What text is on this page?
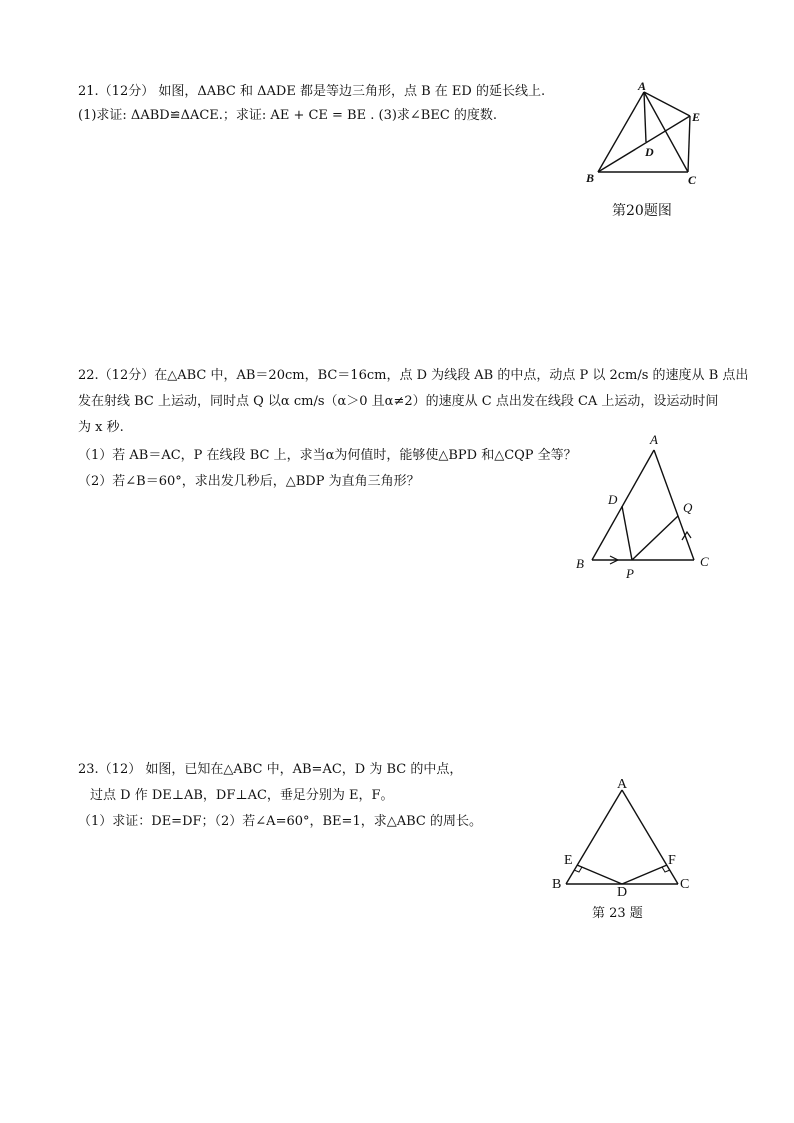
21.（12分） 如图，ΔABC 和 ΔADE 都是等边三角形，点 B 在 ED 的延长线上.
(1)求证: ΔABD≌ΔACE.；求证: AE + CE = BE . (3)求∠BEC 的度数.
A
B	C
D
E
第20题图
22.（12分）在△ABC 中，AB＝20cm，BC＝16cm，点 D 为线段 AB 的中点，动点 P 以 2cm/s 的速度从 B 点出
发在射线 BC 上运动，同时点 Q 以α cm/s（α＞0 且α≠2）的速度从 C 点出发在线段 CA 上运动，设运动时间
为 x 秒.
（1）若 AB＝AC，P 在线段 BC 上，求当α为何值时，能够使△BPD 和△CQP 全等？
（2）若∠B＝60°，求出发几秒后，△BDP 为直角三角形？
A
B	C
D
P
Q
23.（12） 如图，已知在△ABC 中，AB=AC，D 为 BC 的中点，
过点 D 作 DE⊥AB，DF⊥AC，垂足分别为 E，F。
（1）求证：DE=DF；（2）若∠A=60°，BE=1，求△ABC 的周长。
A
B	C
D
E	F
第 23 题
